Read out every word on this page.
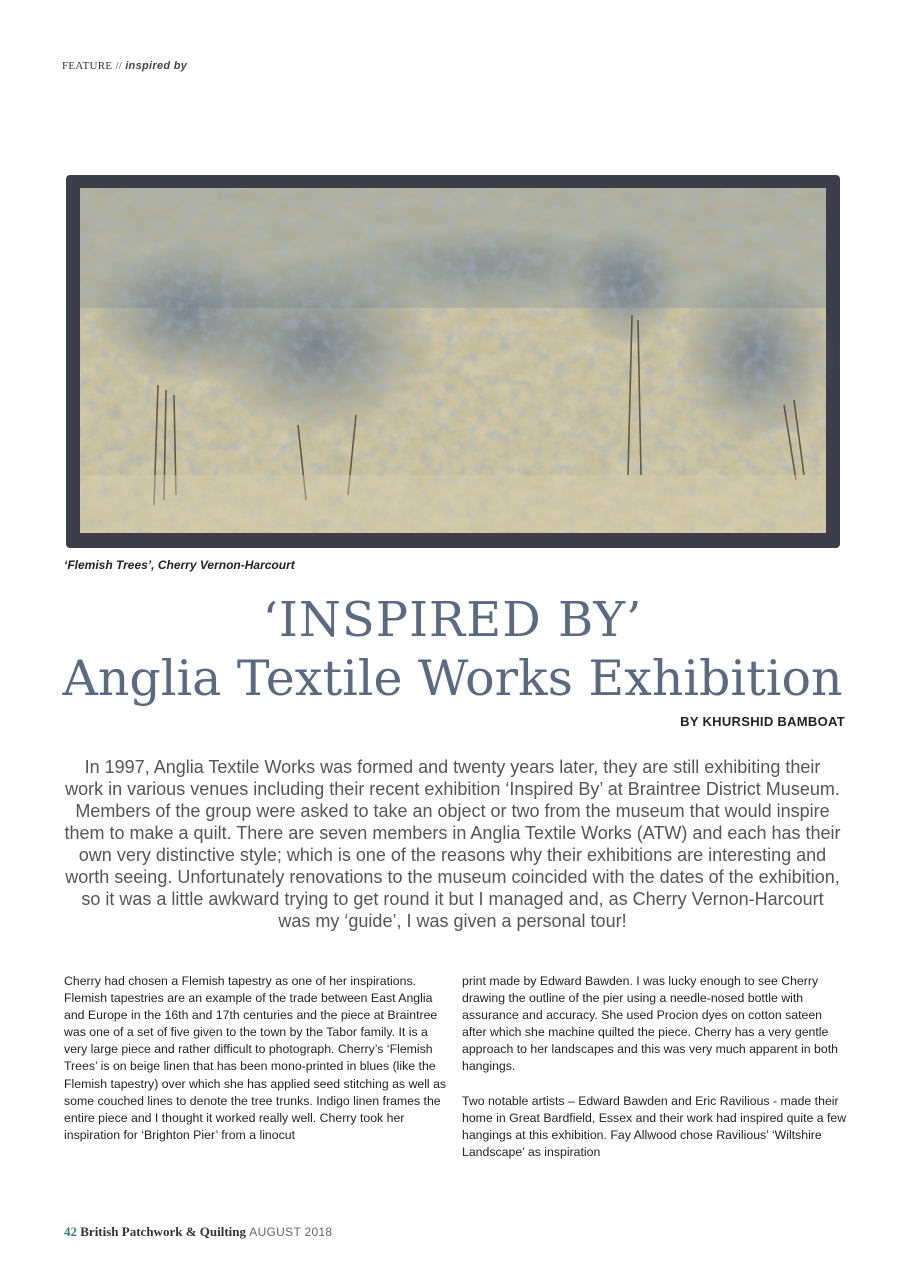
FEATURE // inspired by
‘Flemish Trees’, Cherry Vernon-Harcourt
‘INSPIRED BY’
Anglia Textile Works Exhibition
BY KHURSHID BAMBOAT
In 1997, Anglia Textile Works was formed and twenty years later, they are still exhibiting their work in various venues including their recent exhibition ‘Inspired By’ at Braintree District Museum. Members of the group were asked to take an object or two from the museum that would inspire them to make a quilt. There are seven members in Anglia Textile Works (ATW) and each has their own very distinctive style; which is one of the reasons why their exhibitions are interesting and worth seeing. Unfortunately renovations to the museum coincided with the dates of the exhibition, so it was a little awkward trying to get round it but I managed and, as Cherry Vernon-Harcourt was my ‘guide’, I was given a personal tour!

Cherry had chosen a Flemish tapestry as one of her inspirations. Flemish tapestries are an example of the trade between East Anglia and Europe in the 16th and 17th centuries and the piece at Braintree was one of a set of five given to the town by the Tabor family. It is a very large piece and rather difficult to photograph. Cherry’s ‘Flemish Trees’ is on beige linen that has been mono-printed in blues (like the Flemish tapestry) over which she has applied seed stitching as well as some couched lines to denote the tree trunks. Indigo linen frames the entire piece and I thought it worked really well. Cherry took her inspiration for ‘Brighton Pier’ from a linocut

print made by Edward Bawden. I was lucky enough to see Cherry drawing the outline of the pier using a needle-nosed bottle with assurance and accuracy. She used Procion dyes on cotton sateen after which she machine quilted the piece. Cherry has a very gentle approach to her landscapes and this was very much apparent in both hangings.

Two notable artists – Edward Bawden and Eric Ravilious - made their home in Great Bardfield, Essex and their work had inspired quite a few hangings at this exhibition. Fay Allwood chose Ravilious’ ‘Wiltshire Landscape’ as inspiration

42 British Patchwork & Quilting AUGUST 2018
